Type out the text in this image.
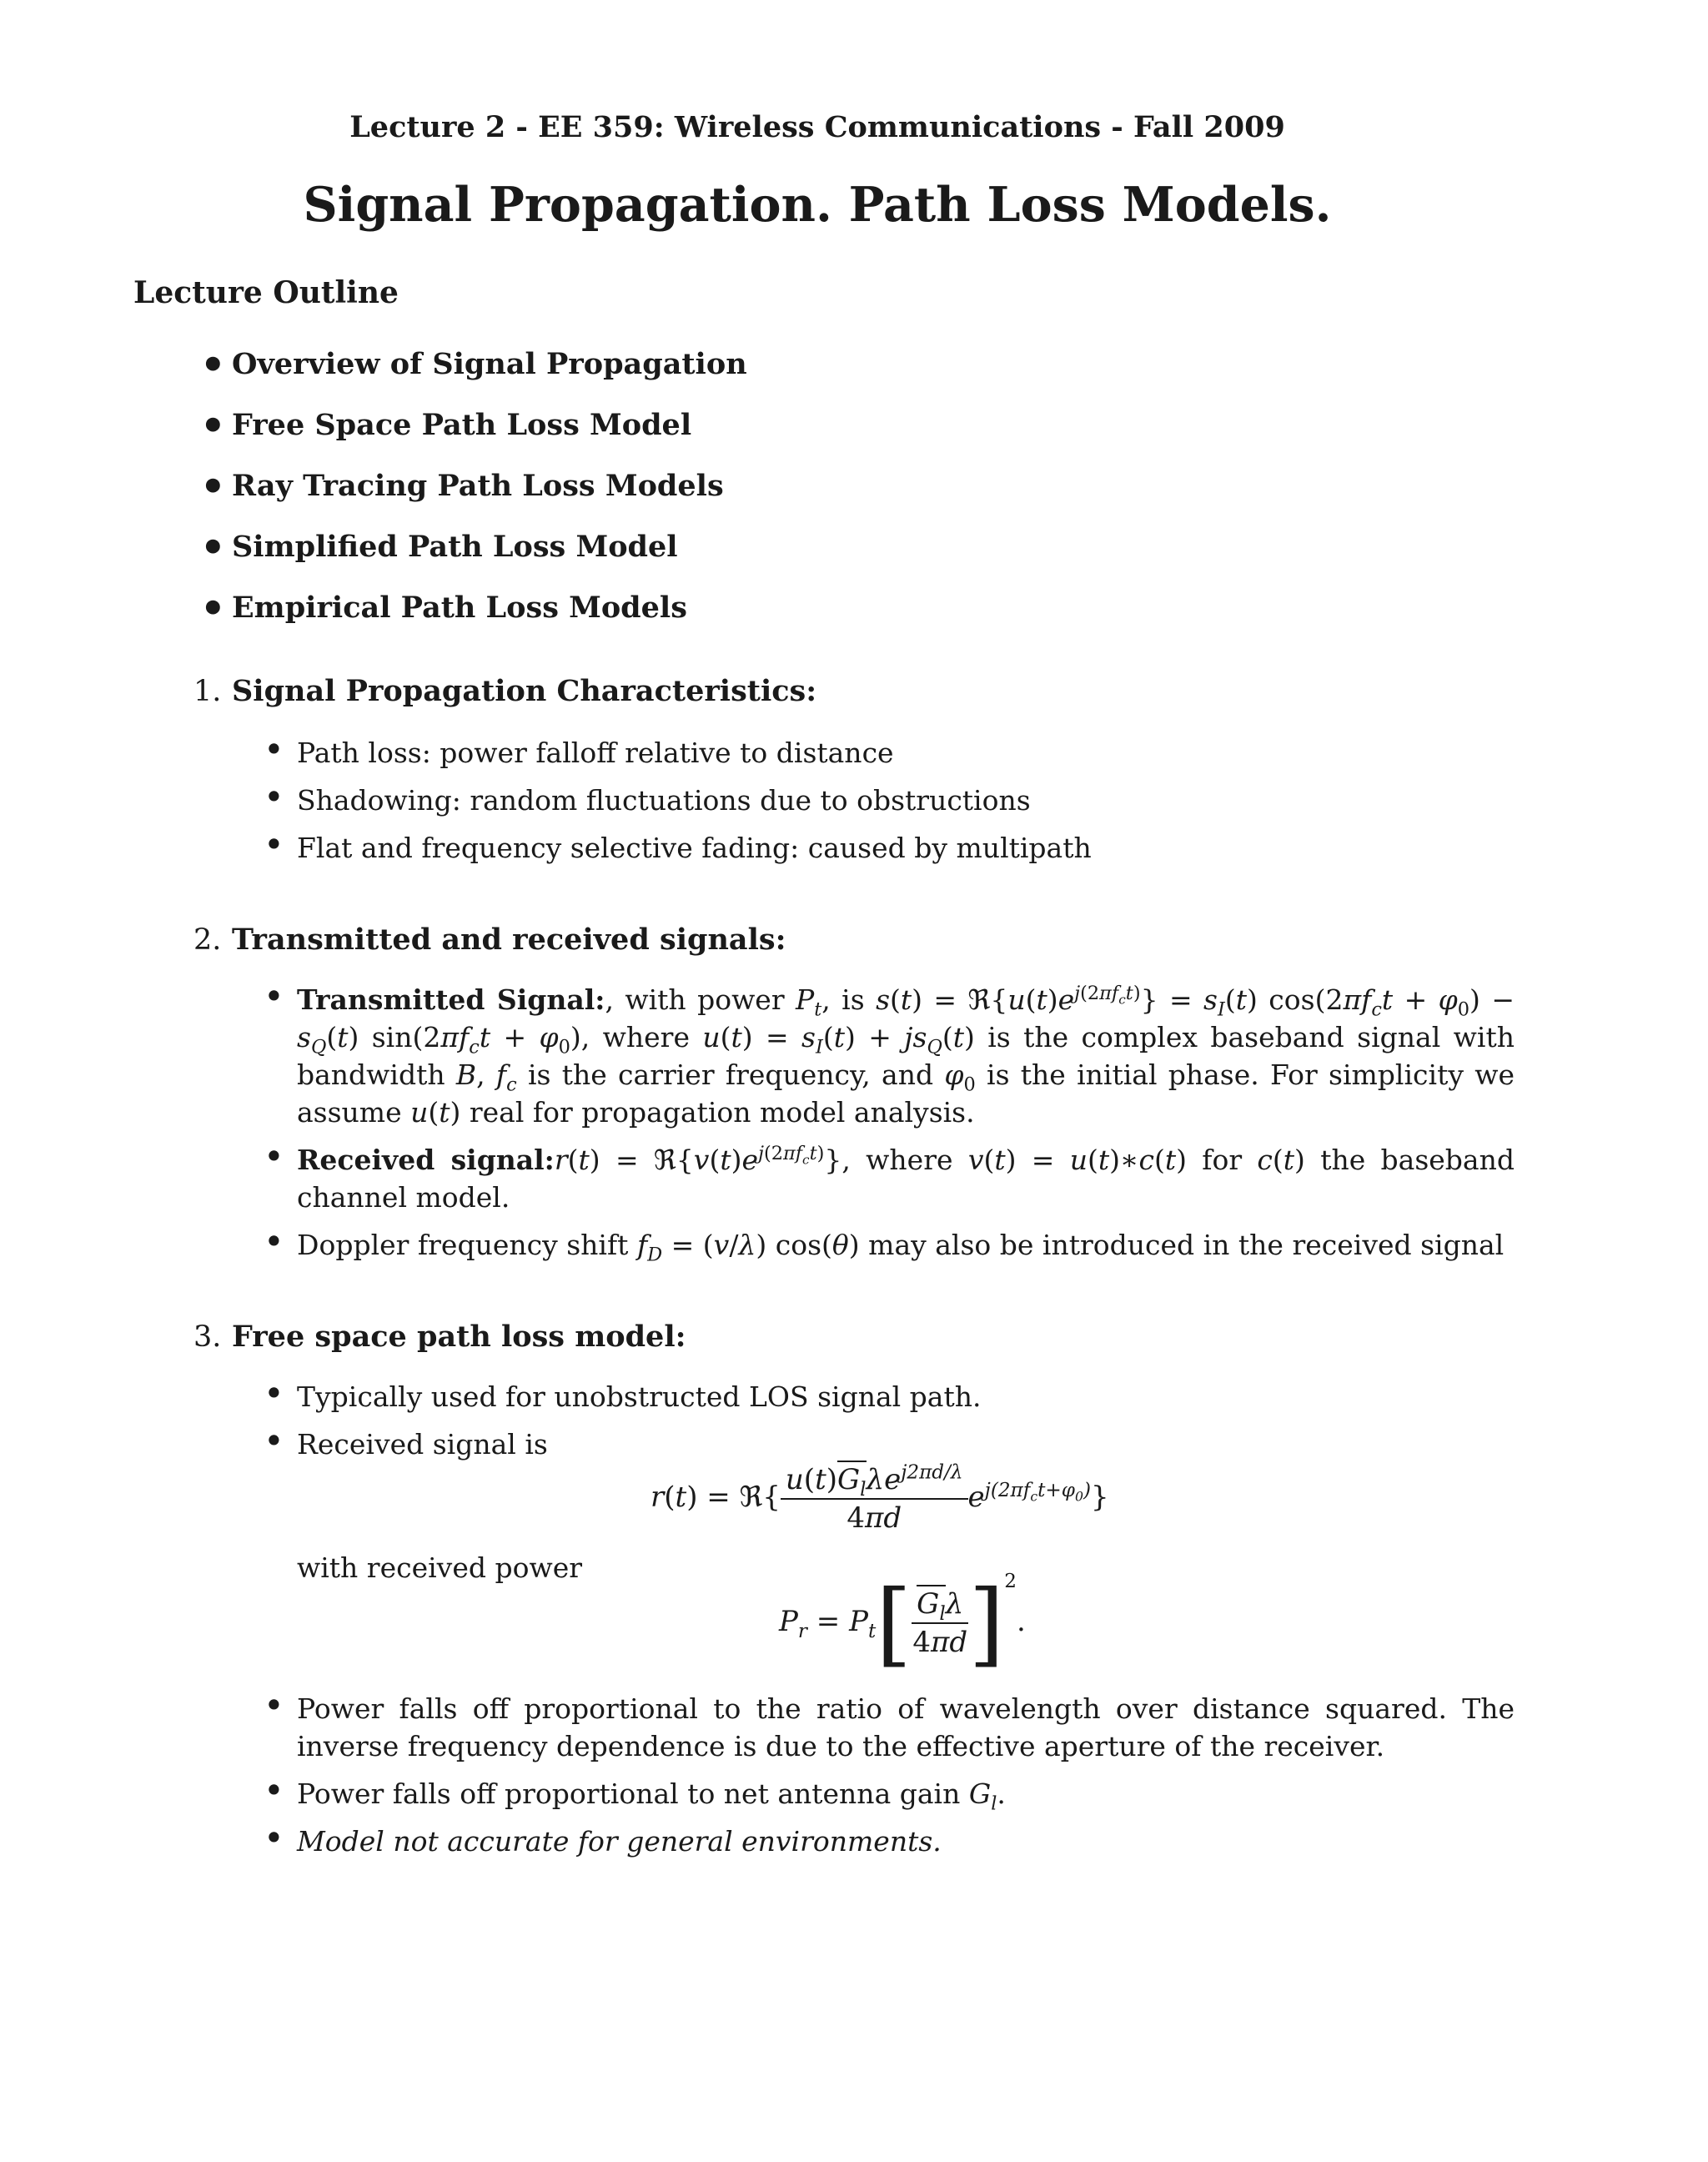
Lecture 2 - EE 359: Wireless Communications - Fall 2009
Signal Propagation. Path Loss Models.
Lecture Outline
• Overview of Signal Propagation
• Free Space Path Loss Model
• Ray Tracing Path Loss Models
• Simplified Path Loss Model
• Empirical Path Loss Models
1. Signal Propagation Characteristics:
• Path loss: power falloff relative to distance
• Shadowing: random fluctuations due to obstructions
• Flat and frequency selective fading: caused by multipath
2. Transmitted and received signals:
• Transmitted Signal:, with power $P_t$, is $s(t) = ℜ\{u(t)e^{j(2\pi f_ct)}\} = s_I(t) \cos(2\pi f_ct + \varphi_0) - s_Q(t) \sin(2\pi f_ct + \varphi_0)$, where $u(t) = s_I(t) + js_Q(t)$ is the complex baseband signal with bandwidth B, $f_c$ is the carrier frequency, and $\varphi_0$ is the initial phase. For simplicity we assume u(t) real for propagation model analysis.
• Received signal:r(t) = $ℜ\{v(t)e^{j(2\pi f_ct)}\}$, where v(t) = u(t)∗c(t) for c(t) the baseband channel model.
• Doppler frequency shift $f_D = (v/\lambda)$ cos(θ) may also be introduced in the received signal
3. Free space path loss model:
• Typically used for unobstructed LOS signal path.
• Received signal is
r(t) = ℜ{ $\frac{u(t)G_l\lambda e^{j2\pi d/\lambda}}{4\pi d} e^{j(2\pi f_ct+\varphi_0)}$}
with received power
$P_r = P_t[ \frac{G_l\lambda}{4\pi d} ]^2$.
• Power falls off proportional to the ratio of wavelength over distance squared. The inverse frequency dependence is due to the effective aperture of the receiver.
• Power falls off proportional to net antenna gain $G_l$.
• Model not accurate for general environments.
